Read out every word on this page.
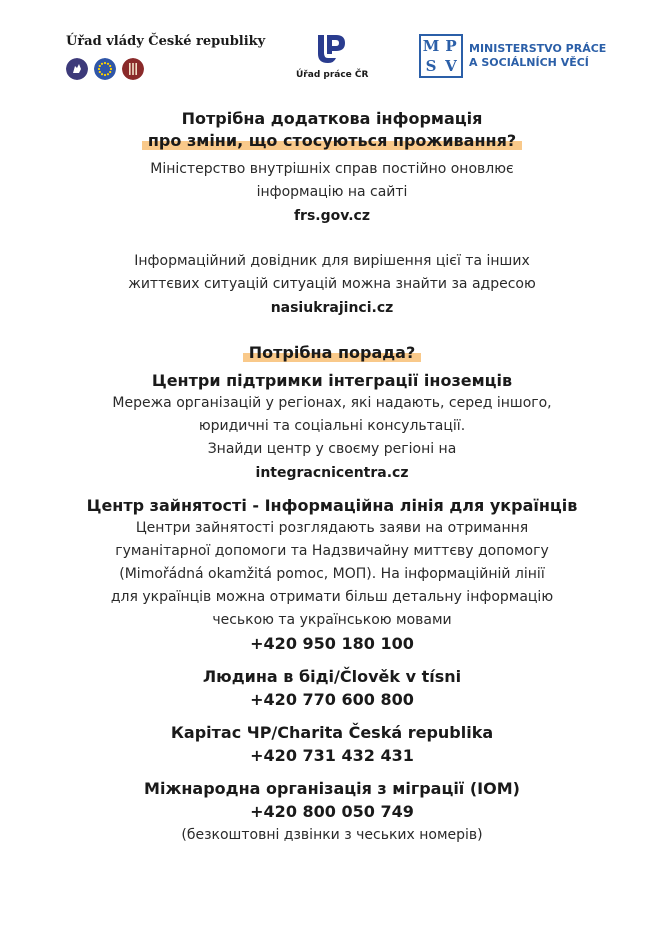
Úřad vlády České republiky
Úřad práce ČR
M P
S V
MINISTERSTVO PRÁCE
A SOCIÁLNÍCH VĚCÍ
Потрібна додаткова інформація
про зміни, що стосуються проживання?
Міністерство внутрішніх справ постійно оновлює
інформацію на сайті
frs.gov.cz
Інформаційний довідник для вирішення цієї та інших
життєвих ситуацій ситуацій можна знайти за адресою
nasiukrajinci.cz
Потрібна порада?
Центри підтримки інтеграції іноземців
Мережа організацій у регіонах, які надають, серед іншого,
юридичні та соціальні консультації.
Знайди центр у своєму регіоні на
integracnicentra.cz
Центр зайнятості - Інформаційна лінія для українців
Центри зайнятості розглядають заяви на отримання
гуманітарної допомоги та Надзвичайну миттєву допомогу
(Mimořádná okamžitá pomoc, МОП). На інформаційній лінії
для українців можна отримати більш детальну інформацію
чеською та українською мовами
+420 950 180 100
Людина в біді/Člověk v tísni
+420 770 600 800
Карітас ЧР/Charita Česká republika
+420 731 432 431
Міжнародна організація з міграції (IOM)
+420 800 050 749
(безкоштовні дзвінки з чеських номерів)
